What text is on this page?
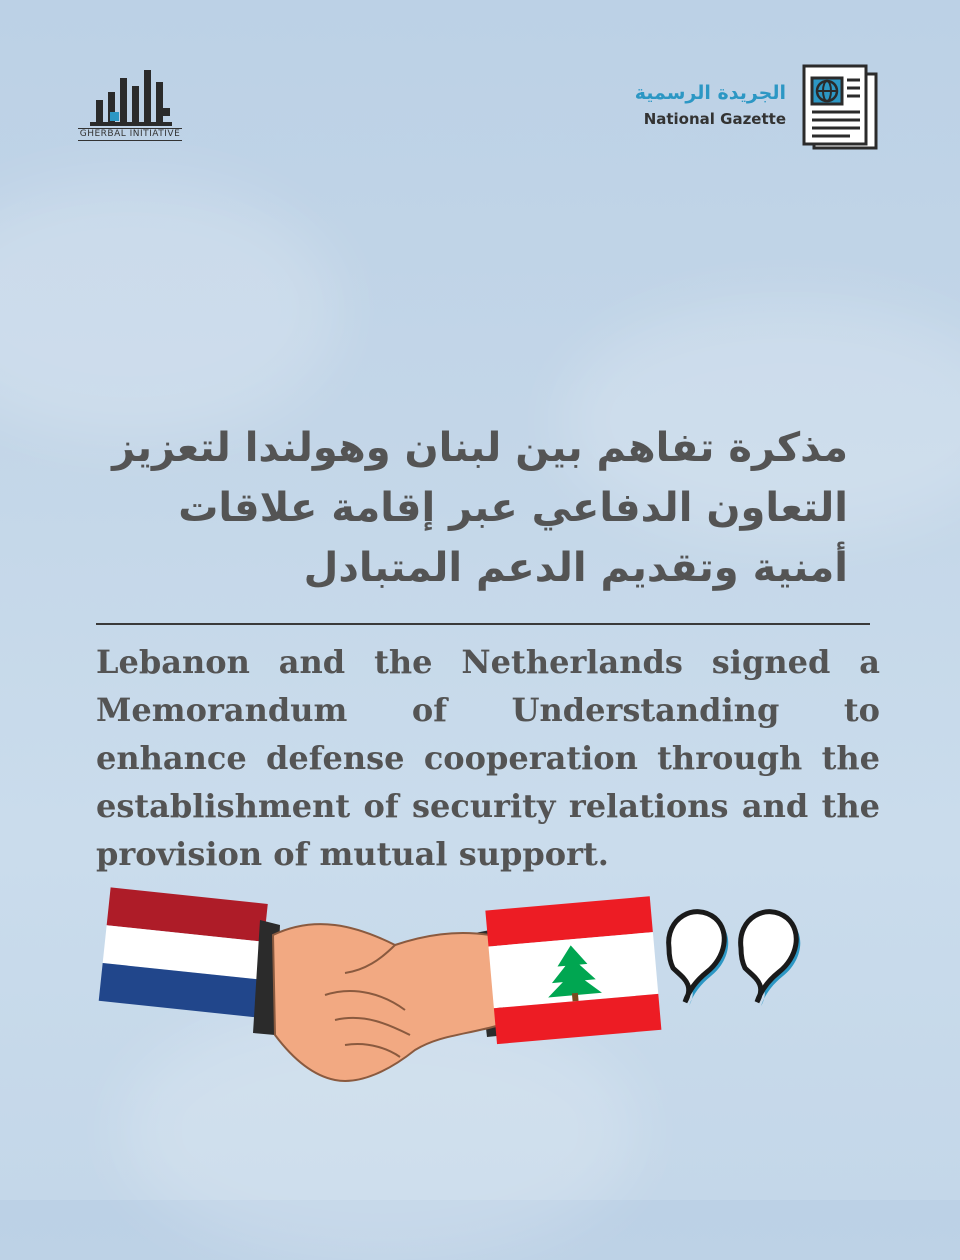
GHERBAL INITIATIVE
الجريدة الرسمية
National Gazette
مذكرة تفاهم بين لبنان وهولندا لتعزيز التعاون الدفاعي عبر إقامة علاقات أمنية وتقديم الدعم المتبادل
Lebanon and the Netherlands signed a Memorandum of Understanding to enhance defense cooperation through the establishment of security relations and the provision of mutual support.
